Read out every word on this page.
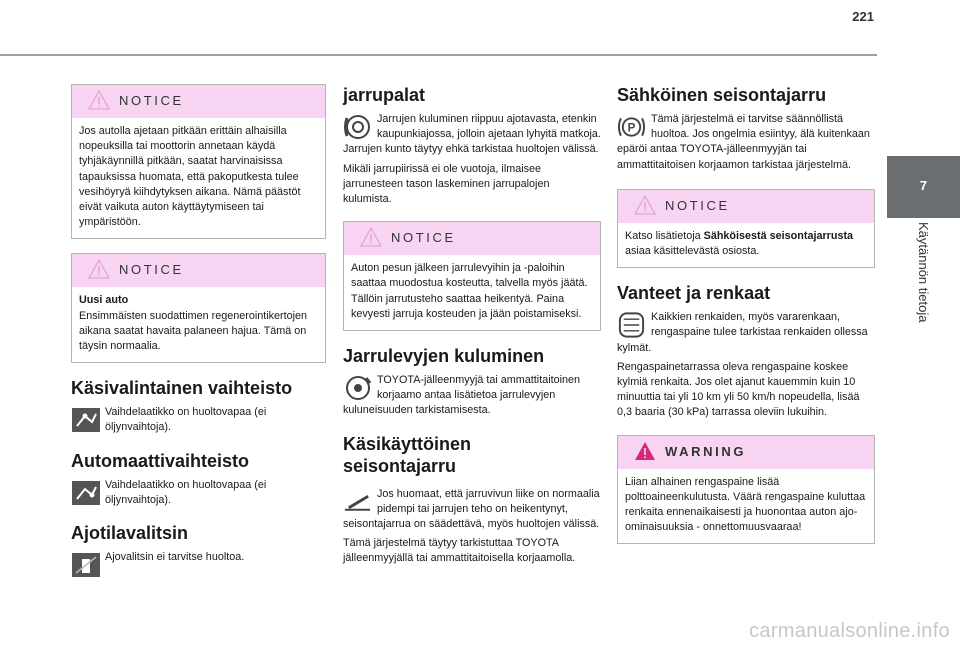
221
7
Käytännön tietoja
NOTICE

Jos autolla ajetaan pitkään erittäin alhaisilla nopeuksilla tai moottorin annetaan käydä tyhjäkäynnillä pitkään, saatat harvinaisissa tapauksissa huomata, että pakoputkesta tulee vesihöyryä kiihdytyksen aikana. Nämä päästöt eivät vaikuta auton käyttäytymiseen tai ympäristöön.

NOTICE

Uusi auto

Ensimmäisten suodattimen regenerointikertojen aikana saatat havaita palaneen hajua. Tämä on täysin normaalia.

Käsivalintainen vaihteisto

Vaihdelaatikko on huoltovapaa (ei öljynvaihtoja).

Automaattivaihteisto

Vaihdelaatikko on huoltovapaa (ei öljynvaihtoja).

Ajotilavalitsin

Ajovalitsin ei tarvitse huoltoa.

jarrupalat

Jarrujen kuluminen riippuu ajotavasta, etenkin kaupunkiajossa, jolloin ajetaan lyhyitä matkoja. Jarrujen kunto täytyy ehkä tarkistaa huoltojen välissä.

Mikäli jarrupiirissä ei ole vuotoja, ilmaisee jarrunesteen tason laskeminen jarrupalojen kulumista.

NOTICE

Auton pesun jälkeen jarrulevyihin ja -paloihin saattaa muodostua kosteutta, talvella myös jäätä. Tällöin jarrutusteho saattaa heikentyä. Paina kevyesti jarruja kosteuden ja jään poistamiseksi.

Jarrulevyjen kuluminen

TOYOTA-jälleenmyyjä tai ammattitaitoinen korjaamo antaa lisätietoa jarrulevyjen kuluneisuuden tarkistamisesta.

Käsikäyttöinen
seisontajarru

Jos huomaat, että jarruvivun liike on normaalia pidempi tai jarrujen teho on heikentynyt, seisontajarrua on säädettävä, myös huoltojen välissä.

Tämä järjestelmä täytyy tarkistuttaa TOYOTA jälleenmyyjällä tai ammattitaitoisella korjaamolla.

Sähköinen seisontajarru
P

Tämä järjestelmä ei tarvitse säännöllistä huoltoa. Jos ongelmia esiintyy, älä kuitenkaan epäröi antaa TOYOTA-jälleenmyyjän tai ammattitaitoisen korjaamon tarkistaa järjestelmä.

NOTICE

Katso lisätietoja Sähköisestä seisontajarrusta asiaa käsittelevästä osiosta.

Vanteet ja renkaat

Kaikkien renkaiden, myös vararenkaan, rengaspaine tulee tarkistaa renkaiden ollessa kylmät.

Rengaspainetarrassa oleva rengaspaine koskee kylmiä renkaita. Jos olet ajanut kauemmin kuin 10 minuuttia tai yli 10 km yli 50 km/h nopeudella, lisää 0,3 baaria (30 kPa) tarrassa oleviin lukuihin.

WARNING

Liian alhainen rengaspaine lisää polttoaineenkulutusta. Väärä rengaspaine kuluttaa renkaita ennenaikaisesti ja huonontaa auton ajo-ominaisuuksia - onnettomuusvaaraa!

carmanualsonline.info
